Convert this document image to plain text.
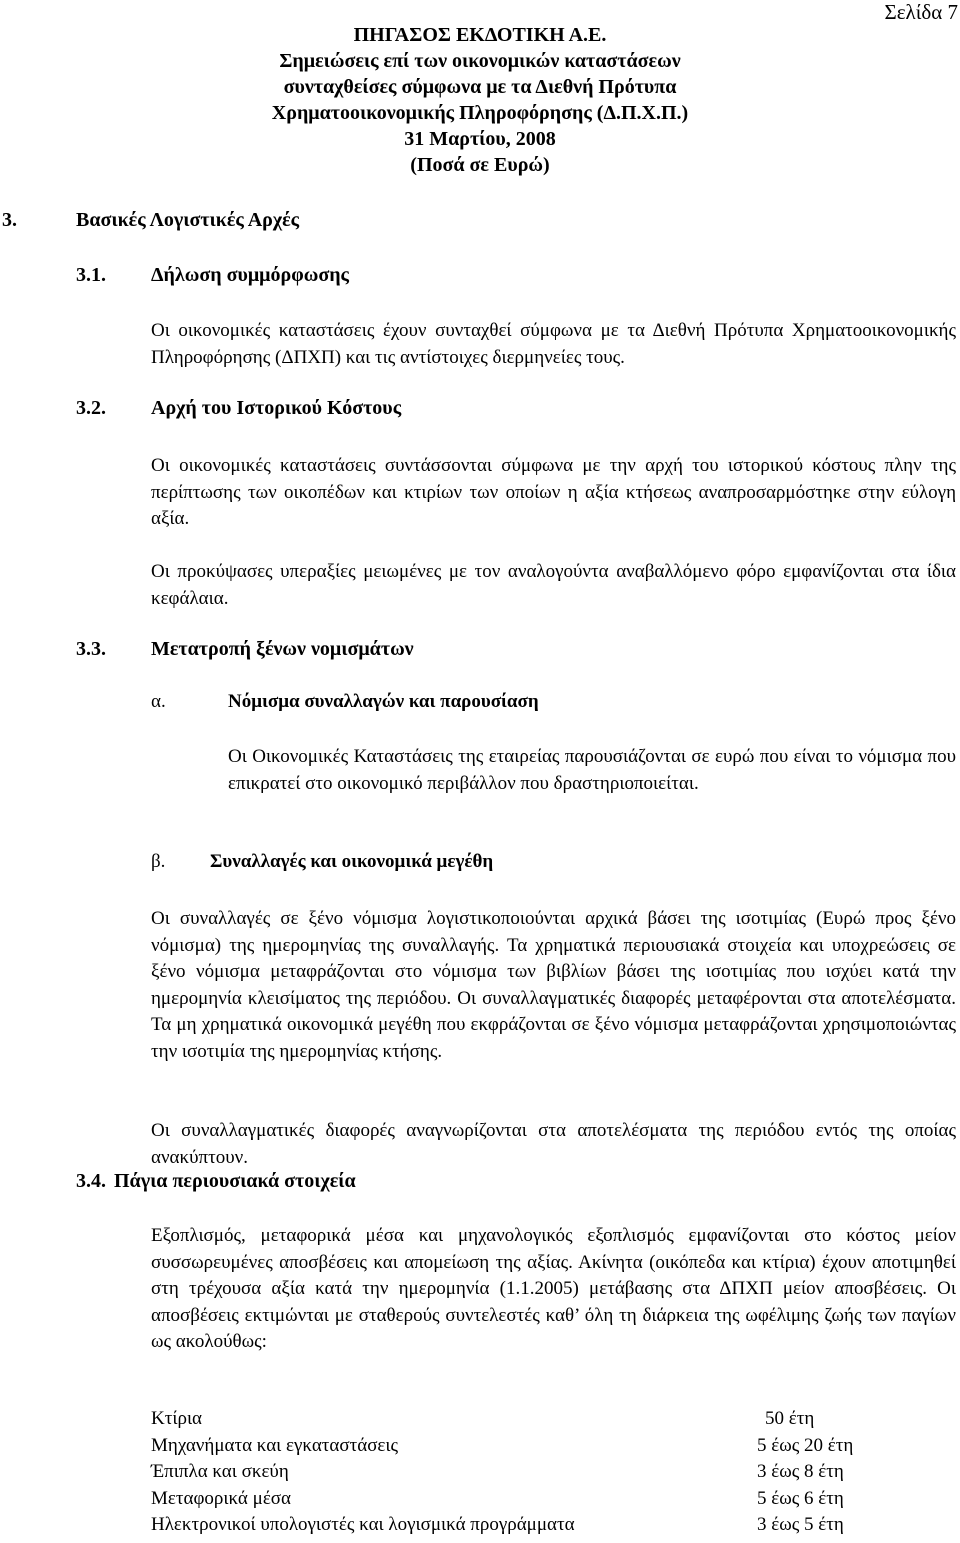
Σελίδα 7
ΠΗΓΑΣΟΣ ΕΚΔΟΤΙΚΗ Α.Ε.
Σημειώσεις επί των οικονομικών καταστάσεων
συνταχθείσες σύμφωνα με τα Διεθνή Πρότυπα
Χρηματοοικονομικής Πληροφόρησης (Δ.Π.Χ.Π.)
31 Μαρτίου, 2008
(Ποσά σε Ευρώ)
3.	Βασικές Λογιστικές Αρχές
3.1. Δήλωση συμμόρφωσης
Οι οικονομικές καταστάσεις έχουν συνταχθεί σύμφωνα με τα Διεθνή Πρότυπα Χρηματοοικονομικής Πληροφόρησης (ΔΠΧΠ) και τις αντίστοιχες διερμηνείες τους.
3.2. Αρχή του Ιστορικού Κόστους
Οι οικονομικές καταστάσεις συντάσσονται σύμφωνα με την αρχή του ιστορικού κόστους πλην της περίπτωσης των οικοπέδων και κτιρίων των οποίων η αξία κτήσεως αναπροσαρμόστηκε στην εύλογη αξία.
Οι προκύψασες υπεραξίες μειωμένες με τον αναλογούντα αναβαλλόμενο φόρο εμφανίζονται στα ίδια κεφάλαια.
3.3. Μετατροπή ξένων νομισμάτων
α.	Νόμισμα συναλλαγών και παρουσίαση
Οι Οικονομικές Καταστάσεις της εταιρείας παρουσιάζονται σε ευρώ που είναι το νόμισμα που επικρατεί στο οικονομικό περιβάλλον που δραστηριοποιείται.
β. Συναλλαγές και οικονομικά μεγέθη
Οι συναλλαγές σε ξένο νόμισμα λογιστικοποιούνται αρχικά βάσει της ισοτιμίας (Ευρώ προς ξένο νόμισμα) της ημερομηνίας της συναλλαγής. Τα χρηματικά περιουσιακά στοιχεία και υποχρεώσεις σε ξένο νόμισμα μεταφράζονται στο νόμισμα των βιβλίων βάσει της ισοτιμίας που ισχύει κατά την ημερομηνία κλεισίματος της περιόδου. Οι συναλλαγματικές διαφορές μεταφέρονται στα αποτελέσματα. Τα μη χρηματικά οικονομικά μεγέθη που εκφράζονται σε ξένο νόμισμα μεταφράζονται χρησιμοποιώντας την ισοτιμία της ημερομηνίας κτήσης.
Οι συναλλαγματικές διαφορές αναγνωρίζονται στα αποτελέσματα της περιόδου εντός της οποίας ανακύπτουν.
3.4. Πάγια περιουσιακά στοιχεία
Εξοπλισμός, μεταφορικά μέσα και μηχανολογικός εξοπλισμός εμφανίζονται στο κόστος μείον συσσωρευμένες αποσβέσεις και απομείωση της αξίας. Ακίνητα (οικόπεδα και κτίρια) έχουν αποτιμηθεί στη τρέχουσα αξία κατά την ημερομηνία (1.1.2005) μετάβασης στα ΔΠΧΠ μείον αποσβέσεις. Οι αποσβέσεις εκτιμώνται με σταθερούς συντελεστές καθ’ όλη τη διάρκεια της ωφέλιμης ζωής των παγίων ως ακολούθως:
Κτίρια	50 έτη
Μηχανήματα και εγκαταστάσεις	5 έως 20 έτη
Έπιπλα και σκεύη	3 έως 8 έτη
Μεταφορικά μέσα	5 έως 6 έτη
Ηλεκτρονικοί υπολογιστές και λογισμικά προγράμματα	3 έως 5 έτη
